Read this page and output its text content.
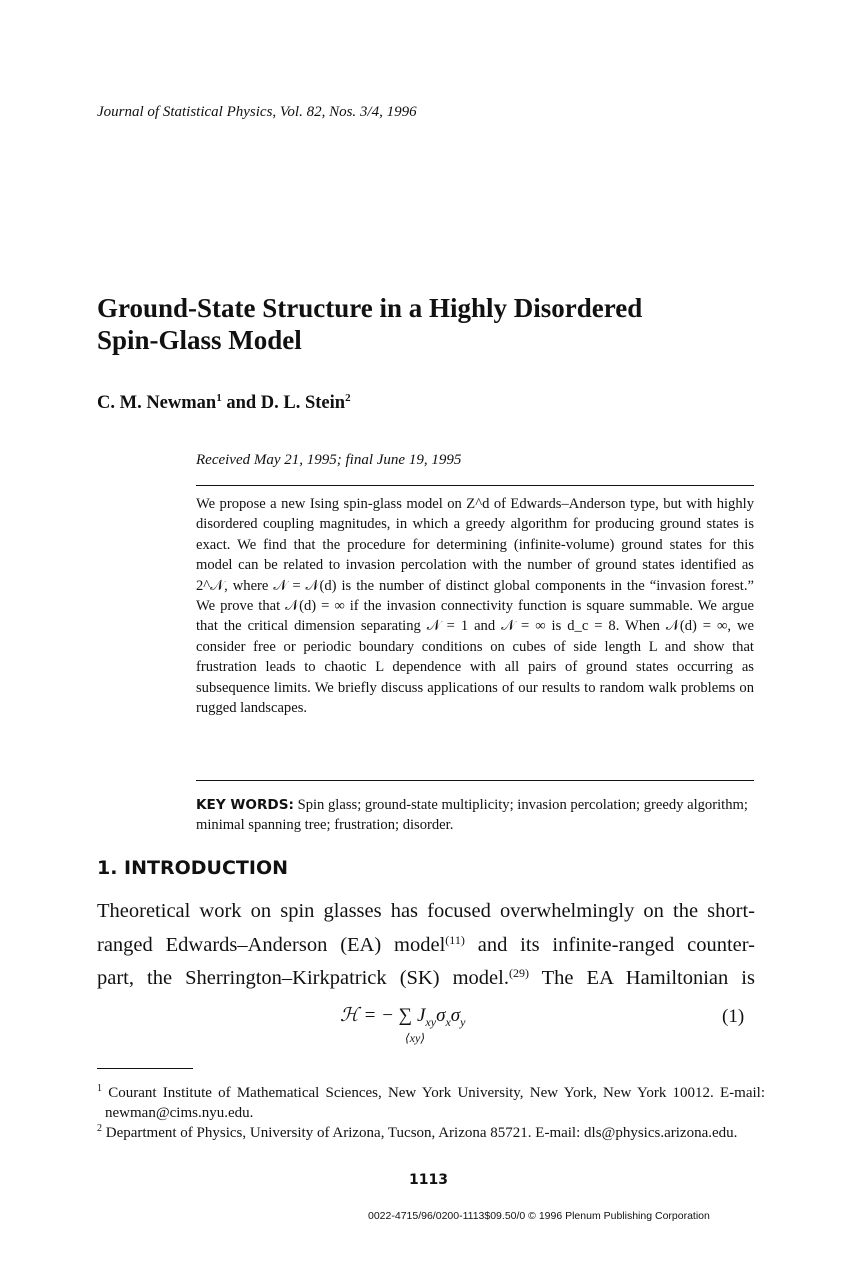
Journal of Statistical Physics, Vol. 82, Nos. 3/4, 1996
Ground-State Structure in a Highly Disordered
Spin-Glass Model
C. M. Newman$^1$ and D. L. Stein$^2$
Received May 21, 1995; final June 19, 1995

We propose a new Ising spin-glass model on Z^d of Edwards–Anderson type, but with highly disordered coupling magnitudes, in which a greedy algorithm for producing ground states is exact. We find that the procedure for determining (infinite-volume) ground states for this model can be related to invasion percolation with the number of ground states identified as 2^𝒩, where 𝒩 = 𝒩(d) is the number of distinct global components in the “invasion forest.” We prove that 𝒩(d) = ∞ if the invasion connectivity function is square summable. We argue that the critical dimension separating 𝒩 = 1 and 𝒩 = ∞ is d_c = 8. When 𝒩(d) = ∞, we consider free or periodic boundary conditions on cubes of side length L and show that frustration leads to chaotic L dependence with all pairs of ground states occurring as subsequence limits. We briefly discuss applications of our results to random walk problems on rugged landscapes.

KEY WORDS: Spin glass; ground-state multiplicity; invasion percolation; greedy algorithm; minimal spanning tree; frustration; disorder.

1. INTRODUCTION
Theoretical work on spin glasses has focused overwhelmingly on the short-
ranged Edwards–Anderson (EA) model$^{(11)}$ and its infinite-ranged counter-
part, the Sherrington–Kirkpatrick (SK) model.$^{(29)}$ The EA Hamiltonian is
ℋ = − ∑ $J_{xy}\sigma_x\sigma_y$
⟨xy⟩
(1)

$^1$ Courant Institute of Mathematical Sciences, New York University, New York, New York 10012. E-mail: newman@cims.nyu.edu.

$^2$ Department of Physics, University of Arizona, Tucson, Arizona 85721. E-mail: dls@physics.arizona.edu.

1113
0022-4715/96/0200-1113$09.50/0 © 1996 Plenum Publishing Corporation
